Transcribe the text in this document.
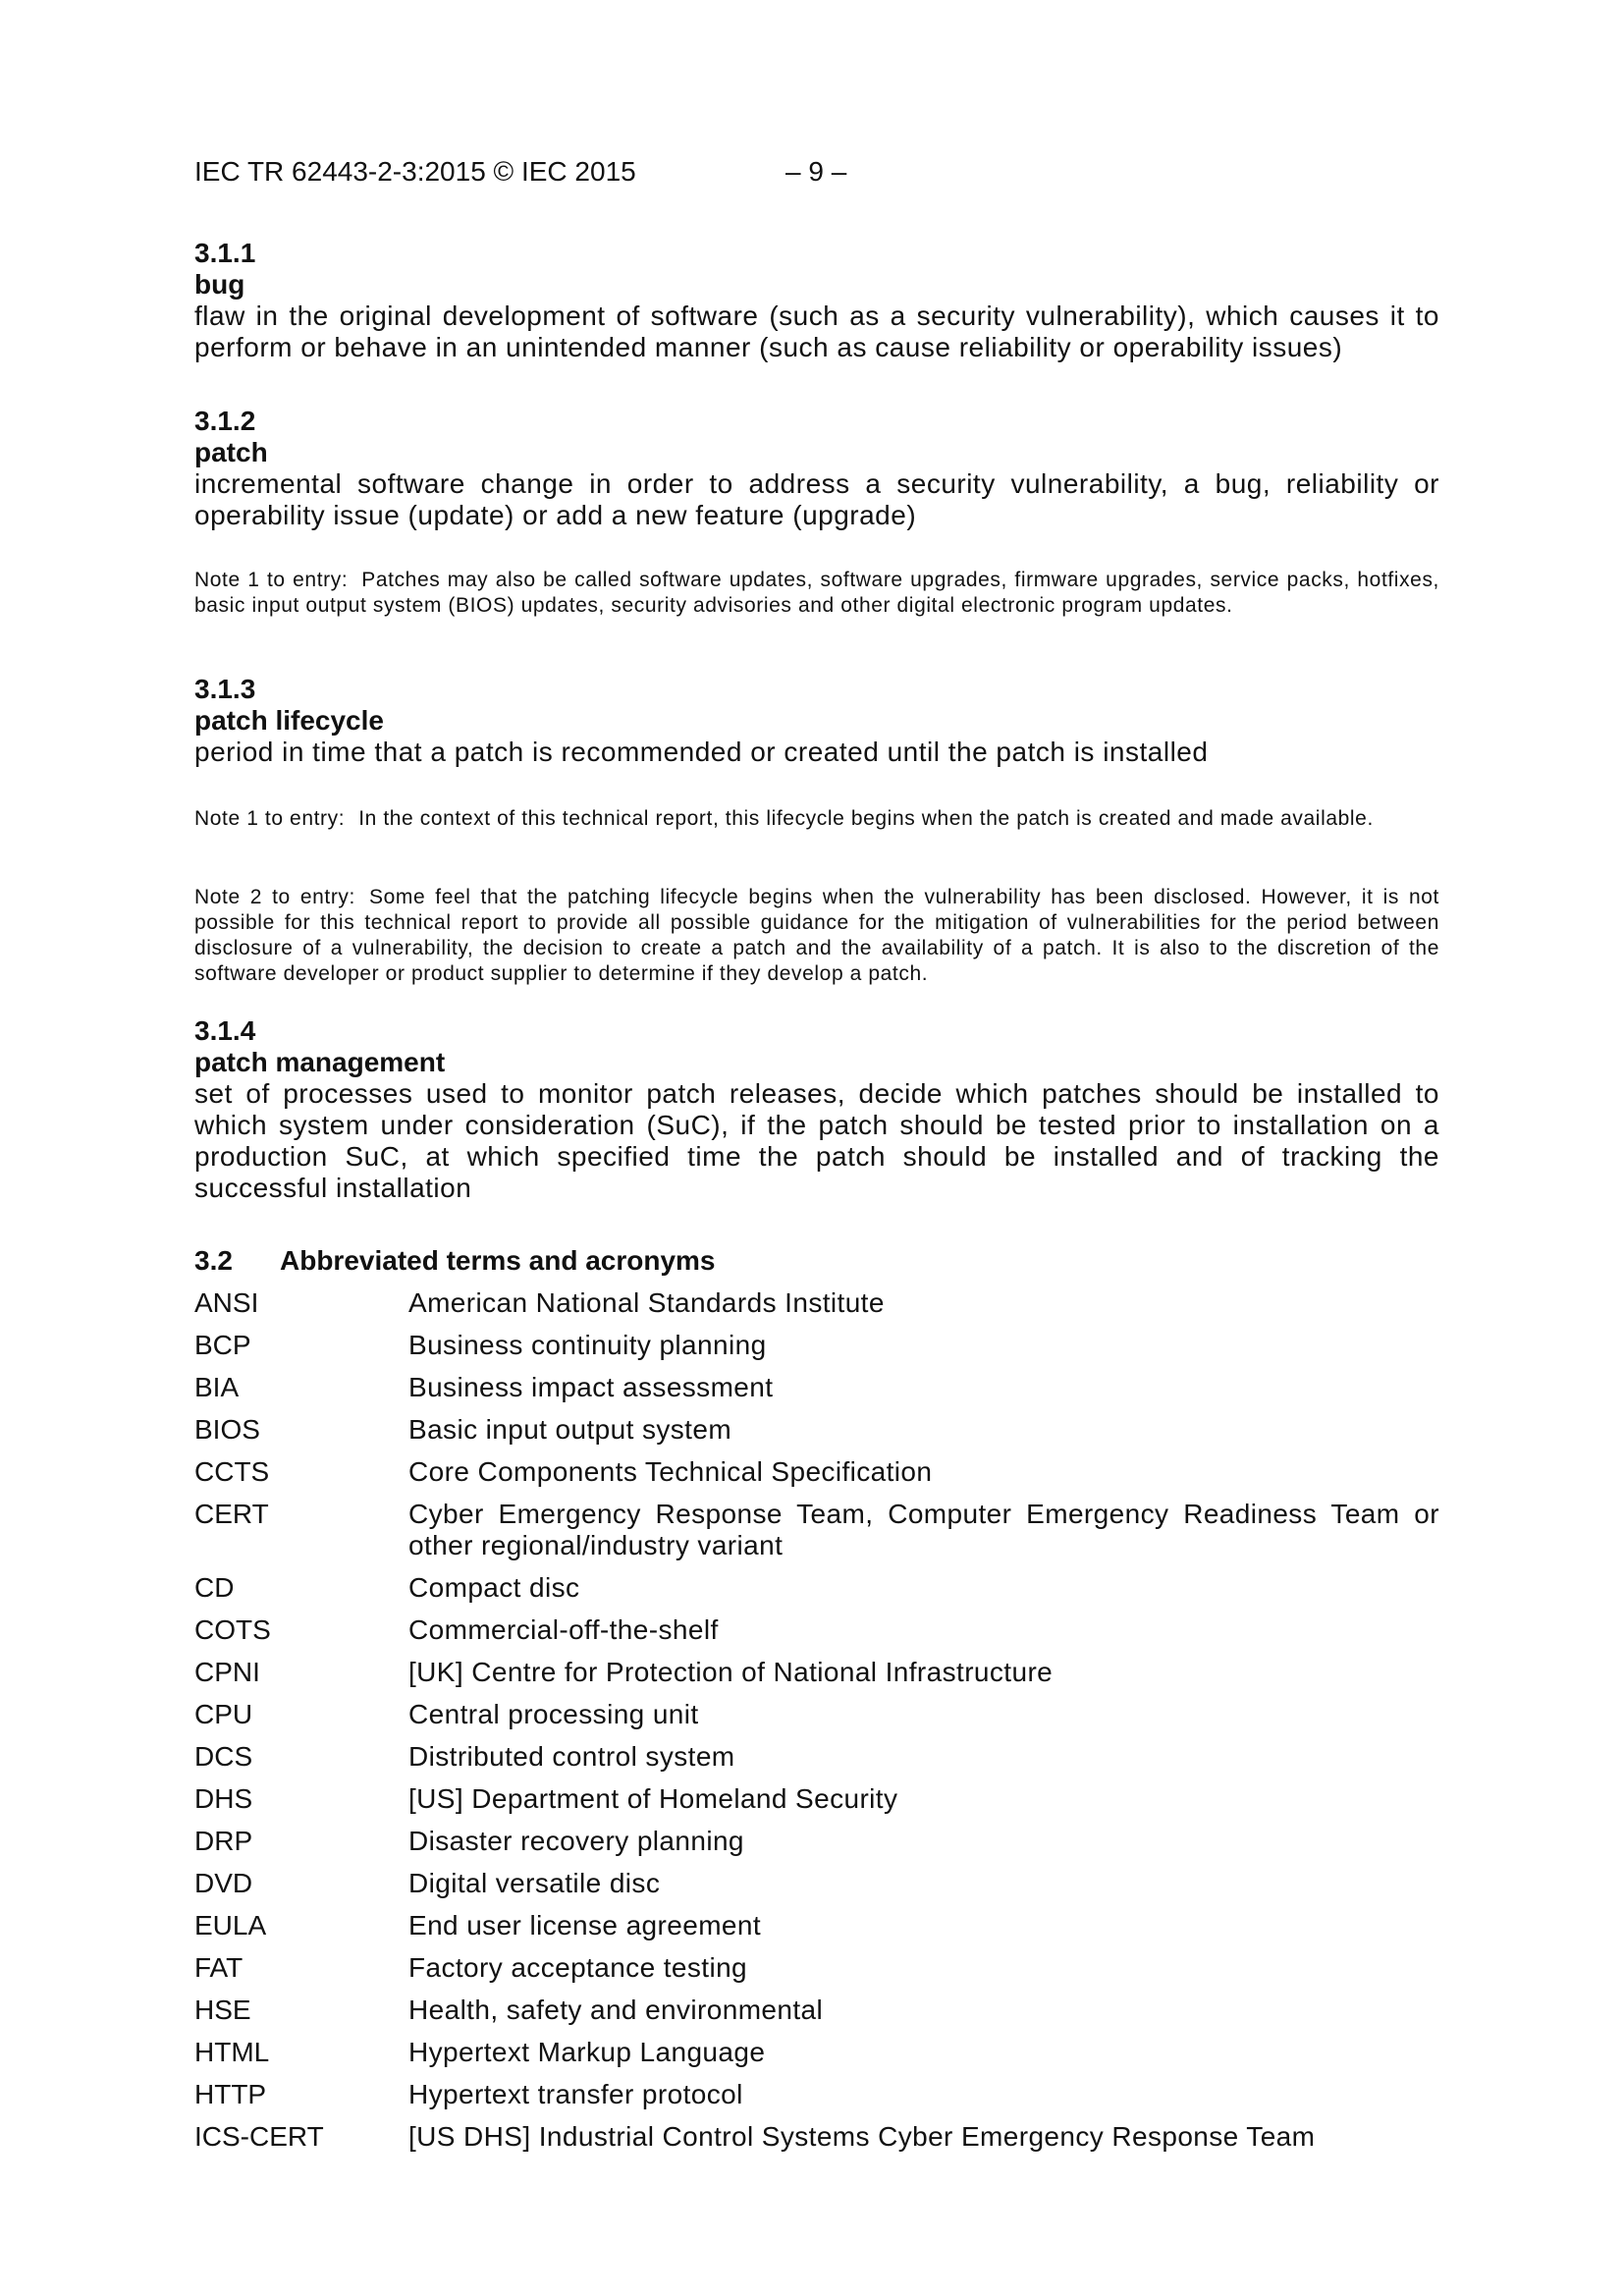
IEC TR 62443-2-3:2015 © IEC 2015	– 9 –
3.1.1
bug
flaw in the original development of software (such as a security vulnerability), which causes it to perform or behave in an unintended manner (such as cause reliability or operability issues)
3.1.2
patch
incremental software change in order to address a security vulnerability, a bug, reliability or operability issue (update) or add a new feature (upgrade)
Note 1 to entry: Patches may also be called software updates, software upgrades, firmware upgrades, service packs, hotfixes, basic input output system (BIOS) updates, security advisories and other digital electronic program updates.
3.1.3
patch lifecycle
period in time that a patch is recommended or created until the patch is installed
Note 1 to entry: In the context of this technical report, this lifecycle begins when the patch is created and made available.
Note 2 to entry: Some feel that the patching lifecycle begins when the vulnerability has been disclosed. However, it is not possible for this technical report to provide all possible guidance for the mitigation of vulnerabilities for the period between disclosure of a vulnerability, the decision to create a patch and the availability of a patch. It is also to the discretion of the software developer or product supplier to determine if they develop a patch.
3.1.4
patch management
set of processes used to monitor patch releases, decide which patches should be installed to which system under consideration (SuC), if the patch should be tested prior to installation on a production SuC, at which specified time the patch should be installed and of tracking the successful installation
3.2 Abbreviated terms and acronyms
ANSI	American National Standards Institute
BCP	Business continuity planning
BIA	Business impact assessment
BIOS	Basic input output system
CCTS	Core Components Technical Specification
CERT	Cyber Emergency Response Team, Computer Emergency Readiness Team or other regional/industry variant
CD	Compact disc
COTS	Commercial-off-the-shelf
CPNI	[UK] Centre for Protection of National Infrastructure
CPU	Central processing unit
DCS	Distributed control system
DHS	[US] Department of Homeland Security
DRP	Disaster recovery planning
DVD	Digital versatile disc
EULA	End user license agreement
FAT	Factory acceptance testing
HSE	Health, safety and environmental
HTML	Hypertext Markup Language
HTTP	Hypertext transfer protocol
ICS-CERT	[US DHS] Industrial Control Systems Cyber Emergency Response Team
